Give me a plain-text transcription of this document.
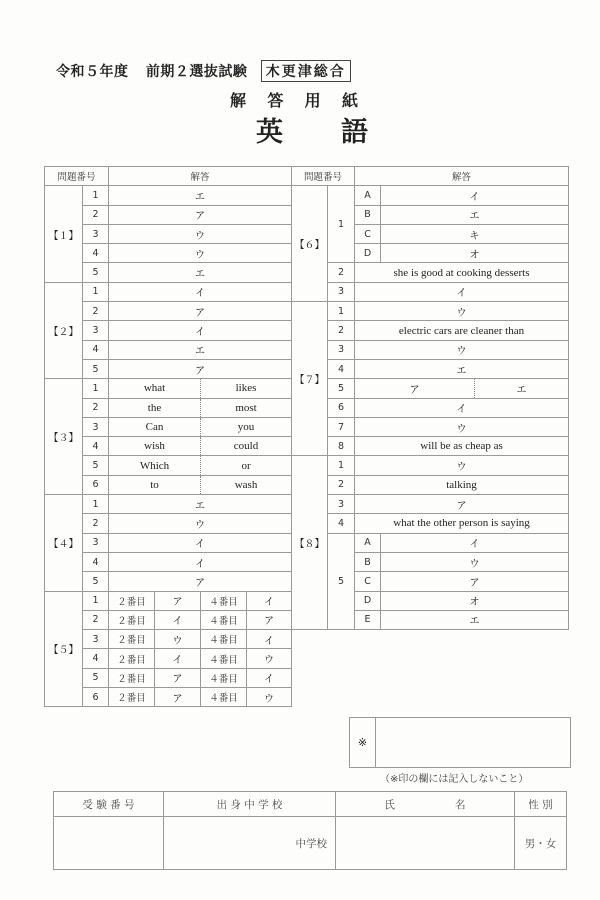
令和５年度 前期２選抜試験 木更津総合
解 答 用 紙
英 語
問題番号		解答			
【１】	1	エ			
	2	ア			
	3	ウ			
	4	ウ			
	5	エ			
【２】	1	イ			
	2	ア			
	3	イ			
	4	エ			
	5	ア			
【３】	1	what		likes	
	2	the		most	
	3	Can		you	
	4	wish		could	
	5	Which		or	
	6	to		wash	
【４】	1	エ			
	2	ウ			
	3	イ			
	4	イ			
	5	ア			
【５】	1	２番目	ア	４番目	イ
	2	２番目	イ	４番目	ア
	3	２番目	ウ	４番目	イ
	4	２番目	イ	４番目	ウ
	5	２番目	ア	４番目	イ
	6	２番目	ア	４番目	ウ
問題番号		解答		
【６】	1	A	イ	
		B	エ	
		C	キ	
		D	オ	
	2	she is good at cooking desserts		
	3	イ		
【７】	1	ウ		
	2	electric cars are cleaner than		
	3	ウ		
	4	エ		
	5	ア		エ
	6	イ		
	7	ウ		
	8	will be as cheap as		
【８】	1	ウ		
	2	talking		
	3	ア		
	4	what the other person is saying		
	5	A	イ	
		B	ウ	
		C	ア	
		D	オ	
		E	エ	
※
（※印の欄には記入しないこと）
受 験 番 号	出 身 中 学 校	氏 名	性 別
	中学校		男・女
